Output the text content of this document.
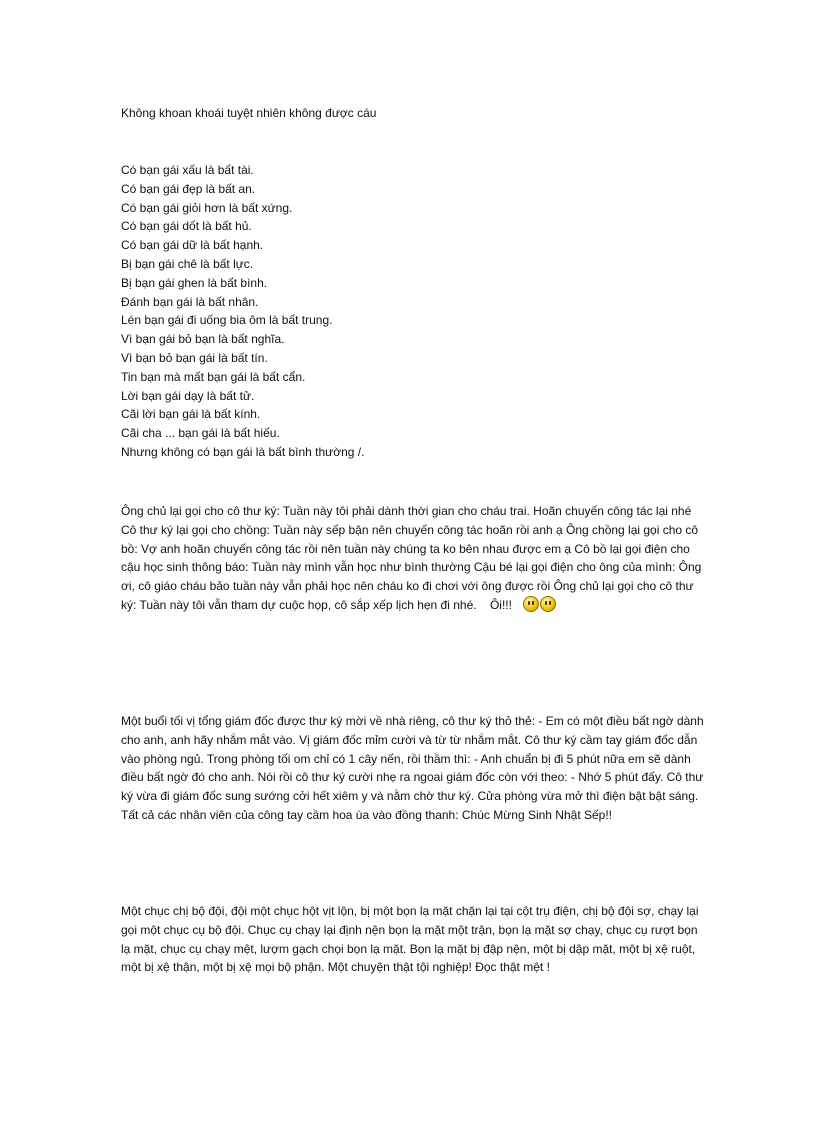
Không khoan khoái tuyệt nhiên không được cáu
Có bạn gái xấu là bất tài.
Có bạn gái đẹp là bất an.
Có bạn gái giỏi hơn là bất xứng.
Có bạn gái dốt là bất hủ.
Có bạn gái dữ là bất hạnh.
Bị bạn gái chê là bất lực.
Bị bạn gái ghen là bất bình.
Đánh bạn gái là bất nhân.
Lén bạn gái đi uống bia ôm là bất trung.
Vì bạn gái bỏ bạn là bất nghĩa.
Vì bạn bỏ bạn gái là bất tín.
Tin bạn mà mất bạn gái là bất cẩn.
Lời bạn gái dạy là bất tử.
Cãi lời bạn gái là bất kính.
Cãi cha ... bạn gái là bất hiếu.
Nhưng không có bạn gái là bất bình thường /.
Ông chủ lại gọi cho cô thư ký: Tuần này tôi phải dành thời gian cho cháu trai. Hoãn chuyến công tác lại nhé Cô thư ký lại gọi cho chồng: Tuần này sếp bận nên chuyến công tác hoãn rồi anh ạ Ông chồng lại gọi cho cô bồ: Vợ anh hoãn chuyến công tác rồi nên tuần này chúng ta ko bên nhau được em ạ Cô bồ lại gọi điện cho cậu học sinh thông báo: Tuần này mình vẫn học như bình thường Cậu bé lại gọi điện cho ông của mình: Ông ơi, cô giáo cháu bảo tuần này vẫn phải học nên cháu ko đi chơi với ông được rồi Ông chủ lại gọi cho cô thư ký: Tuần này tôi vẫn tham dự cuộc họp, cô sắp xếp lịch hẹn đi nhé. Ôi!!!
Một buổi tối vị tổng giám đốc được thư ký mời về nhà riêng, cô thư ký thỏ thẻ: - Em có một điều bất ngờ dành cho anh, anh hãy nhắm mắt vào. Vị giám đốc mỉm cười và từ từ nhắm mắt. Cô thư ký cầm tay giám đốc dẫn vào phòng ngủ. Trong phòng tối om chỉ có 1 cây nến, rồi thầm thì: - Anh chuẩn bị đi 5 phút nữa em sẽ dành điều bất ngờ đó cho anh. Nói rồi cô thư ký cười nhẹ ra ngoai giám đốc còn với theo: - Nhớ 5 phút đấy. Cô thư ký vừa đi giám đốc sung sướng cởi hết xiêm y và nằm chờ thư ký. Cửa phòng vừa mở thì điện bật bật sáng. Tất cả các nhân viên của công tay cầm hoa ùa vào đồng thanh: Chúc Mừng Sinh Nhật Sếp!!
Một chục chị bộ đội, đội một chục hột vịt lộn, bị một bọn lạ mặt chặn lại tại cột trụ điện, chị bộ đội sợ, chạy lại gọi một chục cụ bộ đội. Chục cụ chạy lại định nện bọn lạ mặt một trận, bọn lạ mặt sợ chạy, chục cụ rượt bọn lạ mặt, chục cụ chạy mệt, lượm gạch chọi bọn lạ mặt. Bọn lạ mặt bị đập nện, một bị dập mặt, một bị xệ ruột, một bị xệ thận, một bị xệ mọi bộ phận. Một chuyện thật tội nghiệp! Đọc thật mệt !
